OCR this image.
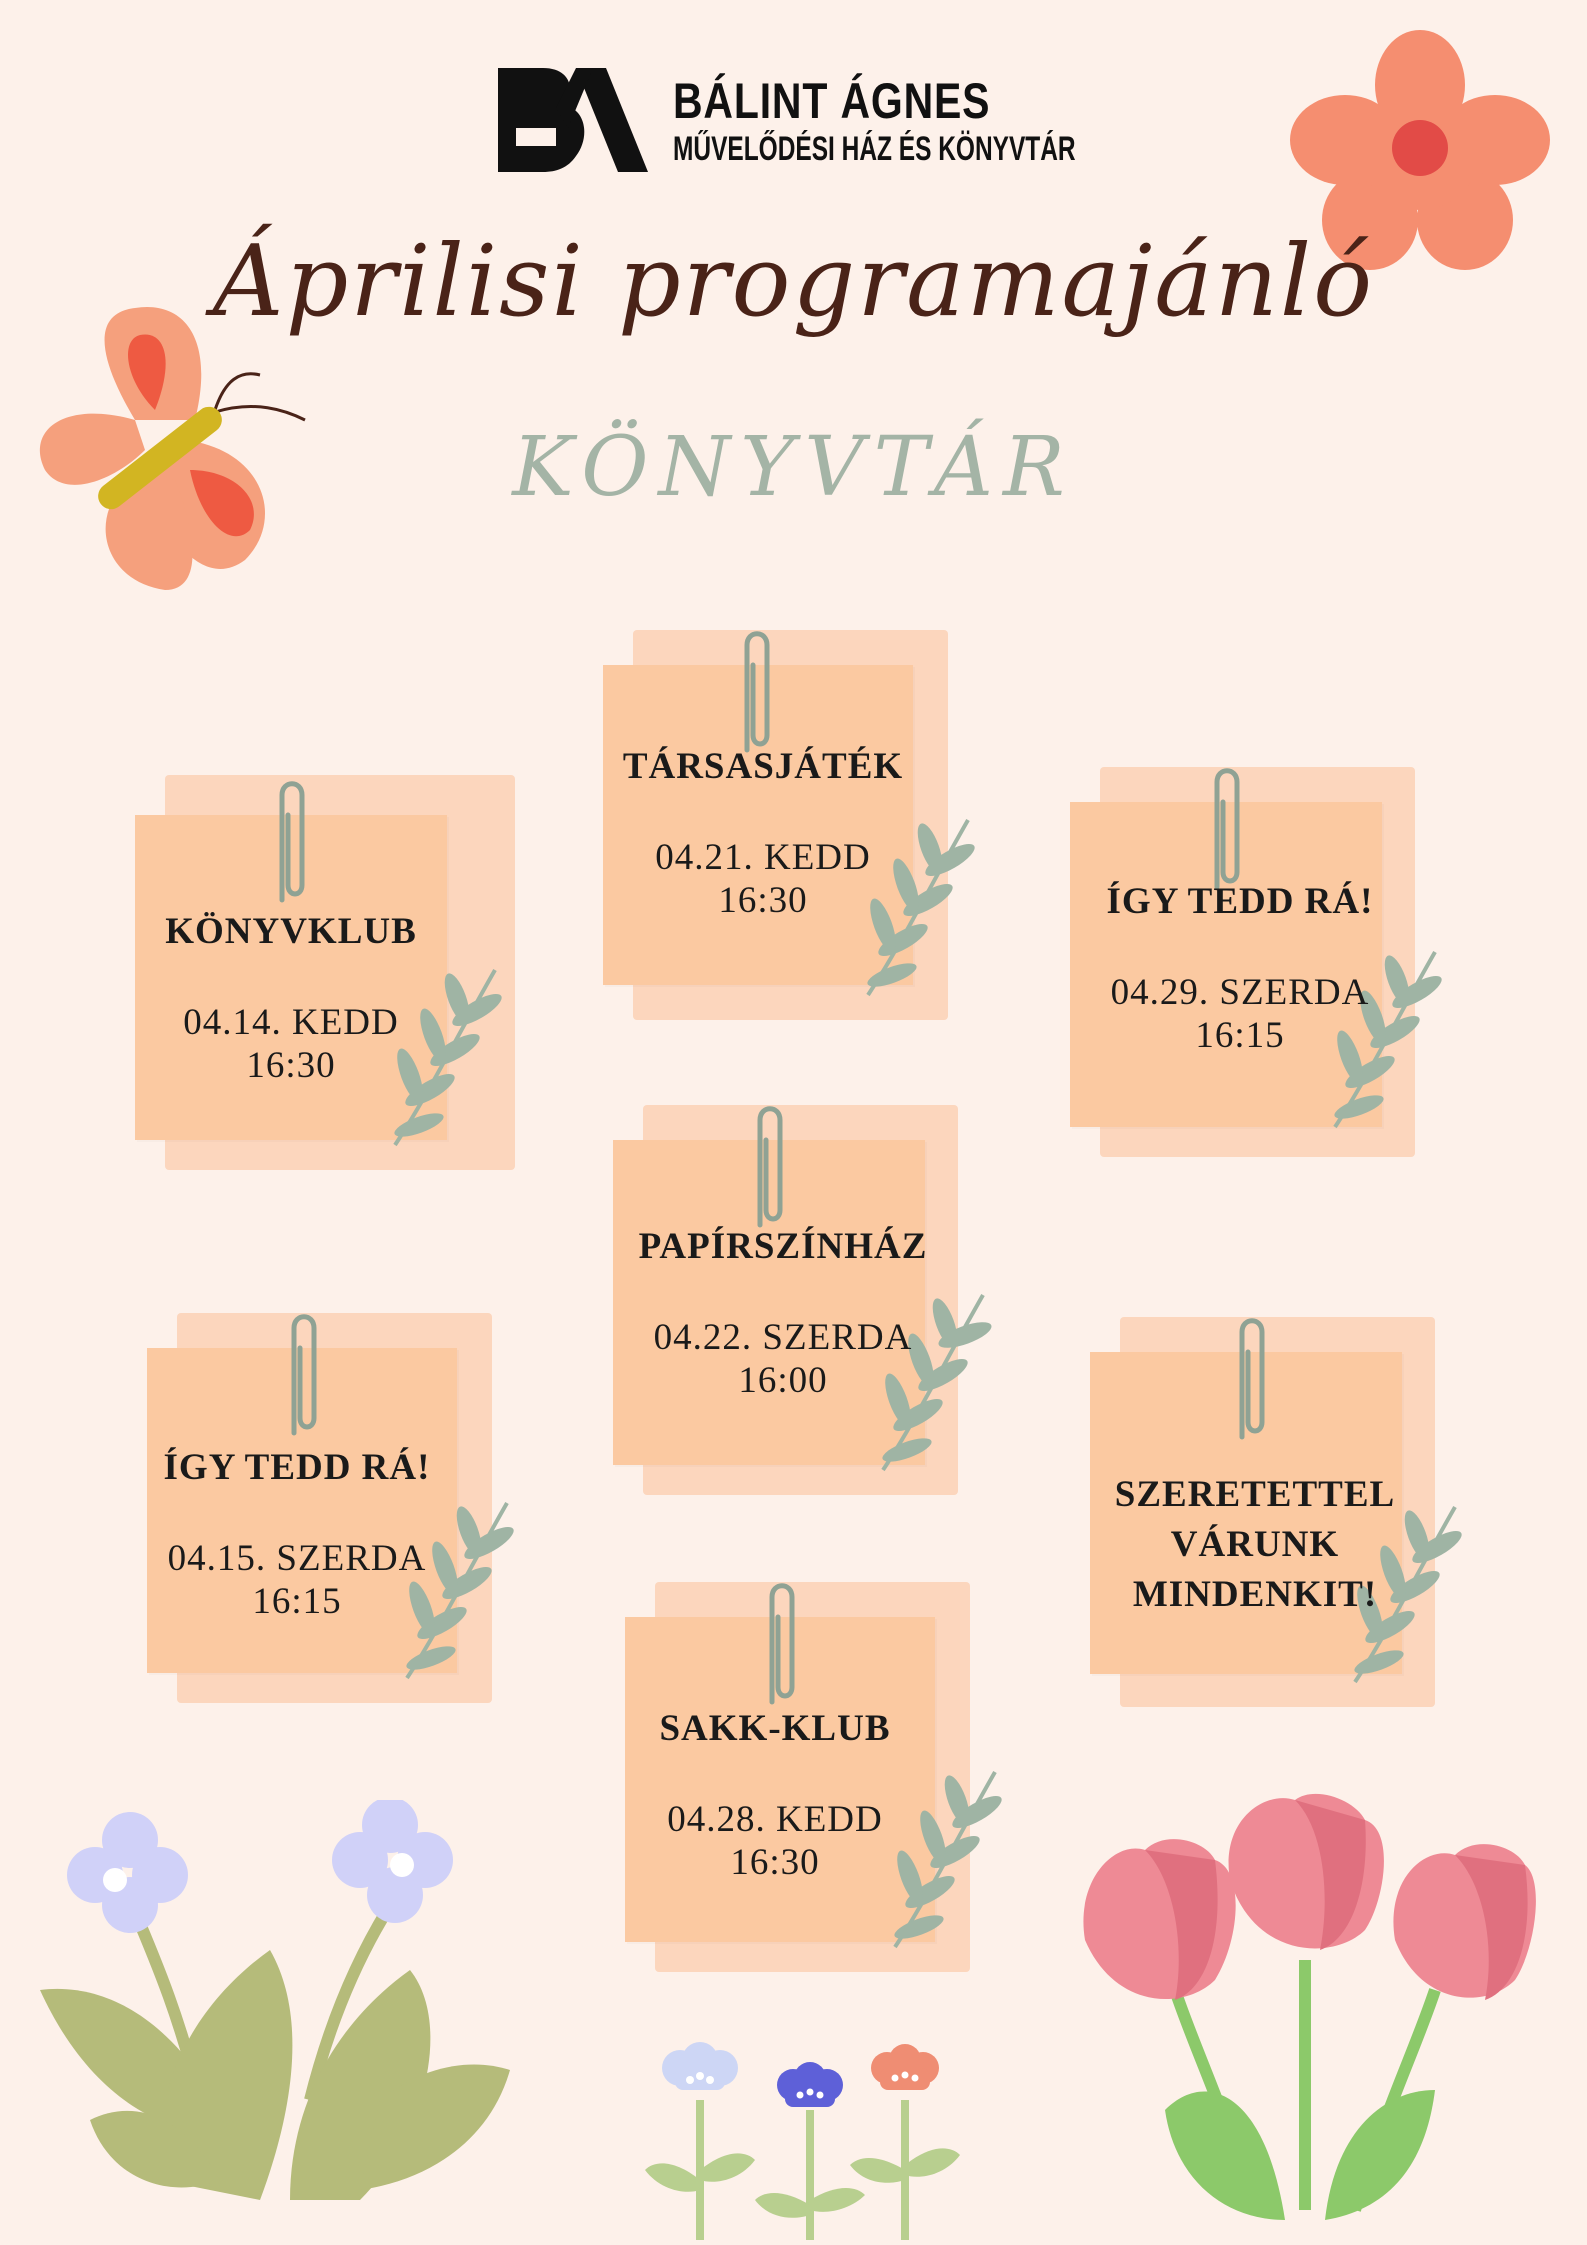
BÁLINT ÁGNES
MŰVELŐDÉSI HÁZ ÉS KÖNYVTÁR
Áprilisi programajánló
KÖNYVTÁR
KÖNYVKLUB
04.14. KEDD
16:30
TÁRSASJÁTÉK
04.21. KEDD
16:30	ÍGY TEDD RÁ!
04.29. SZERDA
16:15
PAPÍRSZÍNHÁZ
04.22. SZERDA
16:00
ÍGY TEDD RÁ!
04.15. SZERDA
16:15
SZERETETTEL VÁRUNK MINDENKIT!
SAKK-KLUB
04.28. KEDD
16:30
